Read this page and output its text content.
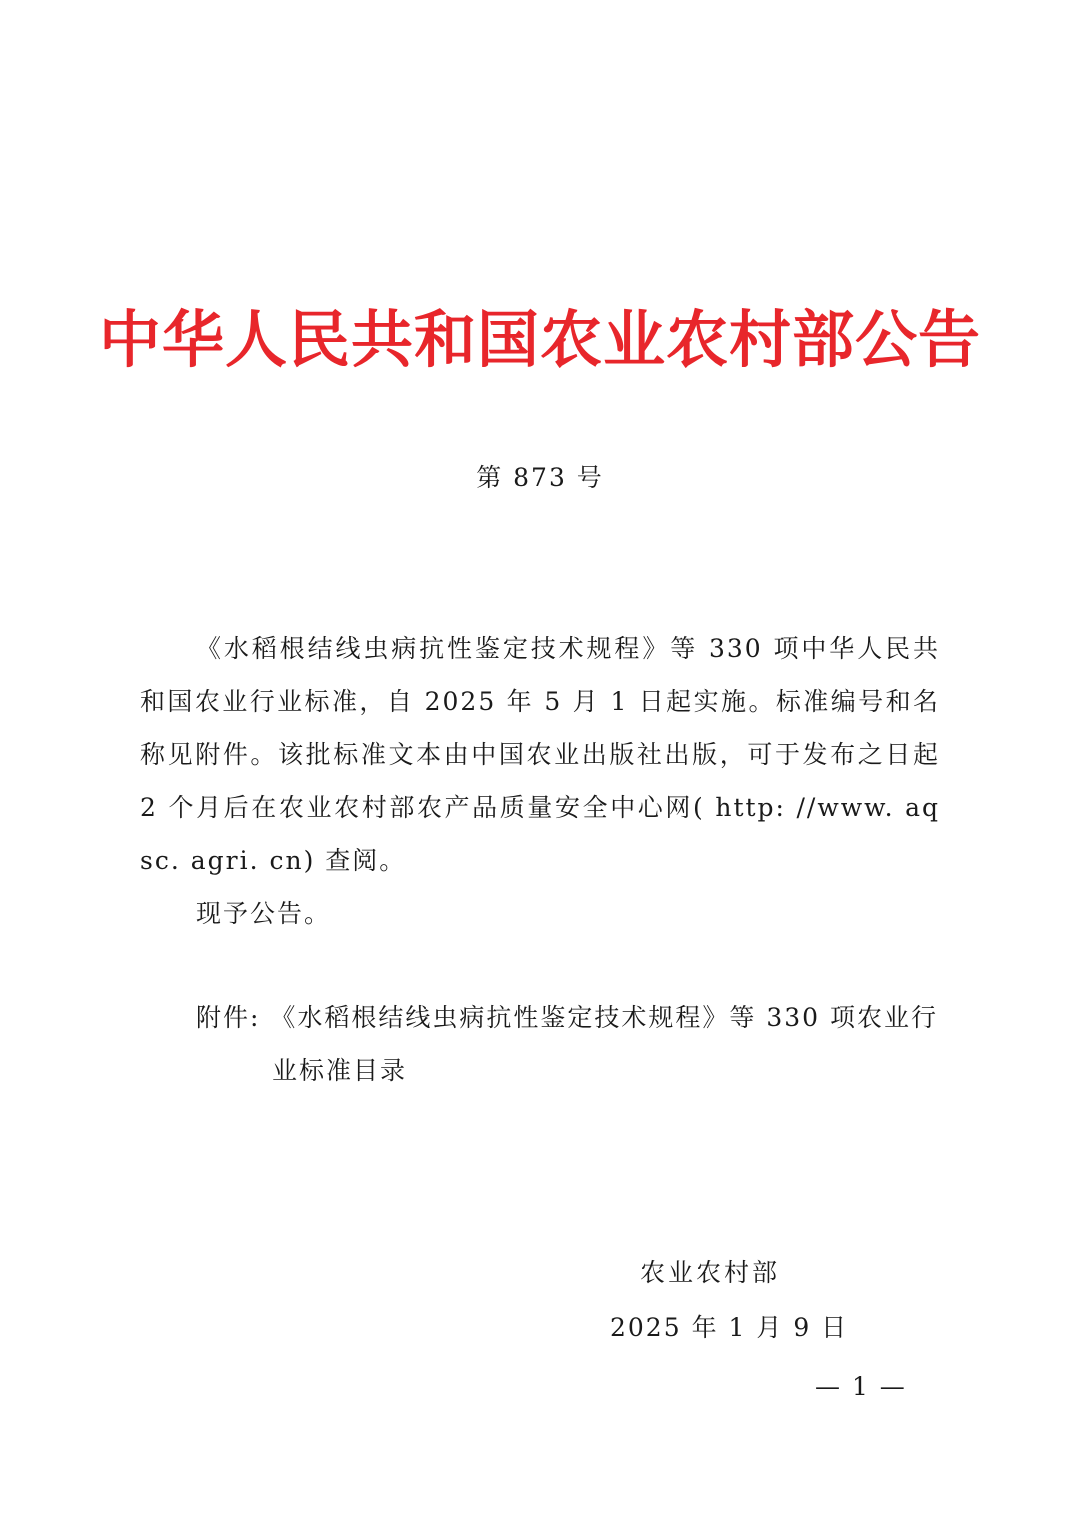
中华人民共和国农业农村部公告
第 873 号

《水稻根结线虫病抗性鉴定技术规程》等 330 项中华人民共和国农业行业标准，自 2025 年 5 月 1 日起实施。标准编号和名称见附件。该批标准文本由中国农业出版社出版，可于发布之日起 2 个月后在农业农村部农产品质量安全中心网( http: //www. aqsc. agri. cn) 查阅。

现予公告。
附件: 《水稻根结线虫病抗性鉴定技术规程》等 330 项农业行业标准目录
农业农村部
2025 年 1 月 9 日
— 1 —
